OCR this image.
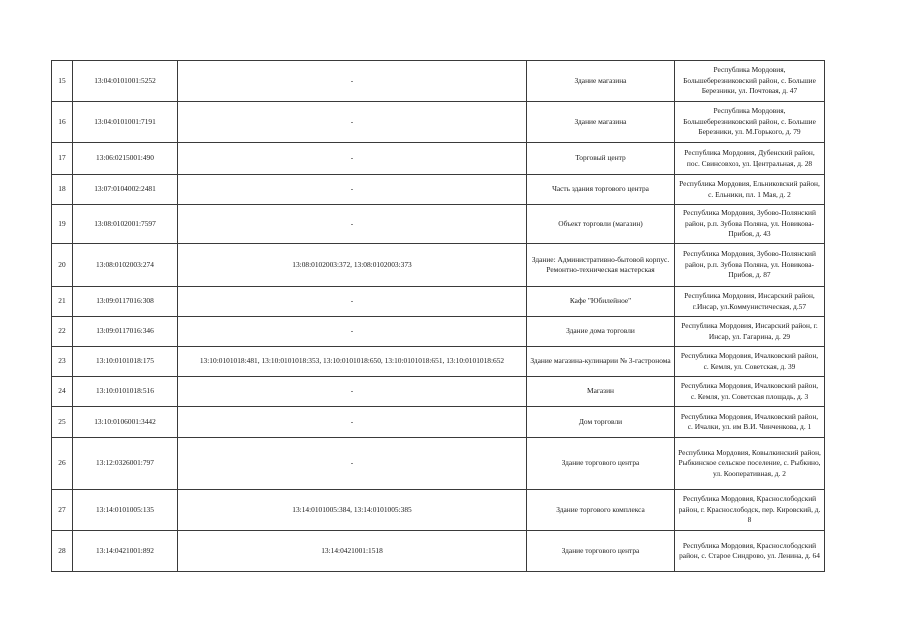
15	13:04:0101001:5252	-	Здание магазина	Республика Мордовия, Большеберезниковский район, с. Большие Березники, ул. Почтовая, д. 47
16	13:04:0101001:7191	-	Здание магазина	Республика Мордовия, Большеберезниковский район, с. Большие Березники, ул. М.Горького, д. 79
17	13:06:0215001:490	-	Торговый центр	Республика Мордовия, Дубенский район, пос. Свинсовхоз, ул. Центральная, д. 28
18	13:07:0104002:2481	-	Часть здания торгового центра	Республика Мордовия, Ельниковский район, с. Ельники, пл. 1 Мая, д. 2
19	13:08:0102001:7597	-	Объект торговли (магазин)	Республика Мордовия, Зубово-Полянский район, р.п. Зубова Поляна, ул. Новикова-Прибоя, д. 43
20	13:08:0102003:274	13:08:0102003:372, 13:08:0102003:373	Здание: Административно-бытовой корпус. Ремонтно-техническая мастерская	Республика Мордовия, Зубово-Полянский район, р.п. Зубова Поляна, ул. Новикова-Прибоя, д. 87
21	13:09:0117016:308	-	Кафе "Юбилейное"	Республика Мордовия, Инсарский район, г.Инсар, ул.Коммунистическая, д.57
22	13:09:0117016:346	-	Здание дома торговли	Республика Мордовия, Инсарский район, г. Инсар, ул. Гагарина, д. 29
23	13:10:0101018:175	13:10:0101018:481, 13:10:0101018:353, 13:10:0101018:650, 13:10:0101018:651, 13:10:0101018:652	Здание магазина-кулинарии № 3-гастронома	Республика Мордовия, Ичалковский район, с. Кемля, ул. Советская, д. 39
24	13:10:0101018:516	-	Магазин	Республика Мордовия, Ичалковский район, с. Кемля, ул. Советская площадь, д. 3
25	13:10:0106001:3442	-	Дом торговли	Республика Мордовия, Ичалковский район, с. Ичалки, ул. им В.И. Чинченкова, д. 1
26	13:12:0326001:797	-	Здание торгового центра	Республика Мордовия, Ковылкинский район, Рыбкинское сельское поселение, с. Рыбкино, ул. Кооперативная, д. 2
27	13:14:0101005:135	13:14:0101005:384, 13:14:0101005:385	Здание торгового комплекса	Республика Мордовия, Краснослободский район, г. Краснослободск, пер. Кировский, д. 8
28	13:14:0421001:892	13:14:0421001:1518	Здание торгового центра	Республика Мордовия, Краснослободский район, с. Старое Синдрово, ул. Ленина, д. 64
